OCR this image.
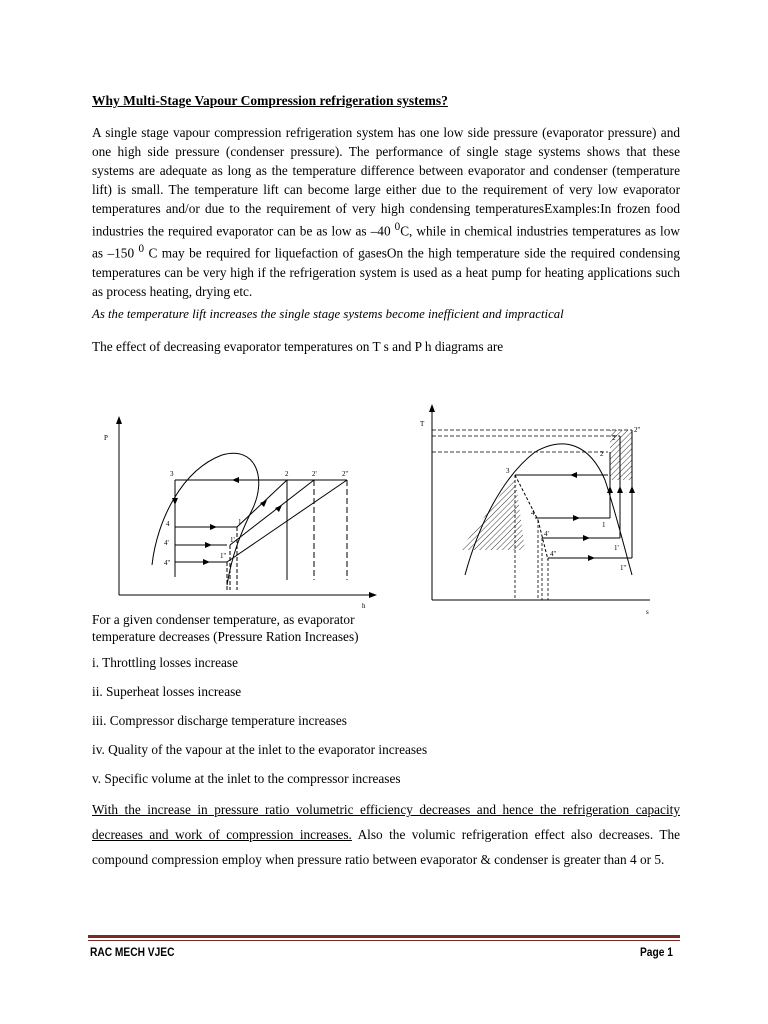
Why Multi-Stage Vapour Compression refrigeration systems?
A single stage vapour compression refrigeration system has one low side pressure (evaporator pressure) and one high side pressure (condenser pressure). The performance of single stage systems shows that these systems are adequate as long as the temperature difference between evaporator and condenser (temperature lift) is small. The temperature lift can become large either due to the requirement of very low evaporator temperatures and/or due to the requirement of very high condensing temperaturesExamples:In frozen food industries the required evaporator can be as low as –40 $^0$C, while in chemical industries temperatures as low as –150 $^0$ C may be required for liquefaction of gasesOn the high temperature side the required condensing temperatures can be very high if the refrigeration system is used as a heat pump for heating applications such as process heating, drying etc.
As the temperature lift increases the single stage systems become inefficient and impractical
The effect of decreasing evaporator temperatures on T s and P h diagrams are
P
h
3	2	2'	2''
4	1
4'	1'
4''
1''
T
s
3
2''
2'
2
4
1
4'
1'
4''
1''
For a given condenser temperature, as evaporator temperature decreases (Pressure Ration Increases)
i. Throttling losses increase
ii. Superheat losses increase
iii. Compressor discharge temperature increases
iv. Quality of the vapour at the inlet to the evaporator increases
v. Specific volume at the inlet to the compressor increases
With the increase in pressure ratio volumetric efficiency decreases and hence the refrigeration capacity decreases and work of compression increases. Also the volumic refrigeration effect also decreases. The compound compression employ when pressure ratio between evaporator & condenser is greater than 4 or 5.
RAC MECH VJEC	Page 1
